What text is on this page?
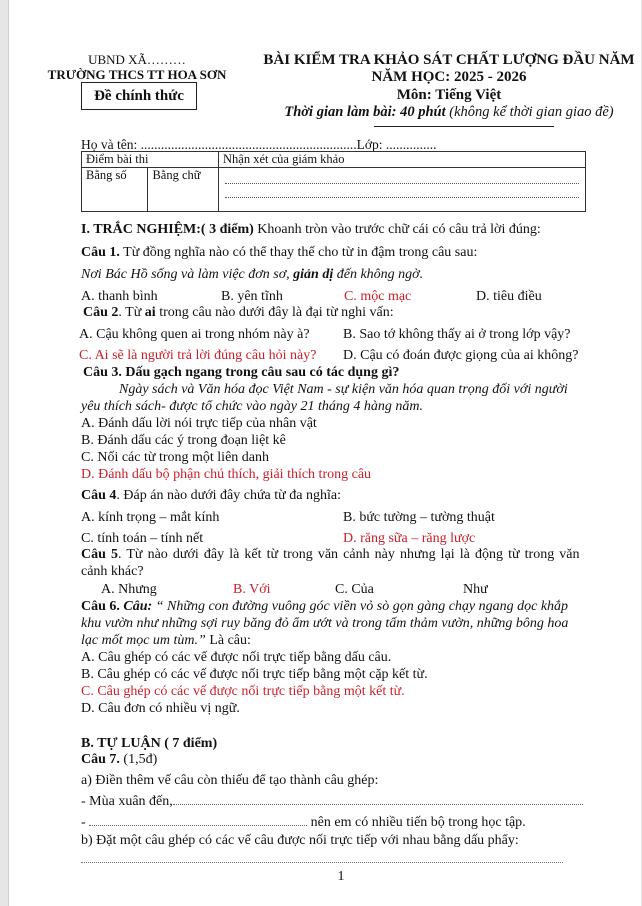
UBND XÃ………
TRƯỜNG THCS TT HOA SƠN
Đề chính thức
BÀI KIỂM TRA KHẢO SÁT CHẤT LƯỢNG ĐẦU NĂM
NĂM HỌC: 2025 - 2026
Môn: Tiếng Việt
Thời gian làm bài: 40 phút (không kể thời gian giao đề)
Họ và tên: ................................................................Lớp: ...............
Điểm bài thi		Nhận xét của giám khảo
Bằng số	Bằng chữ	
I. TRẮC NGHIỆM:( 3 điểm) Khoanh tròn vào trước chữ cái có câu trả lời đúng:
Câu 1. Từ đồng nghĩa nào có thể thay thế cho từ in đậm trong câu sau:
Nơi Bác Hồ sống và làm việc đơn sơ, giản dị đến không ngờ.
A. thanh bình	B. yên tĩnh	C. mộc mạc	D. tiêu điều
Câu 2. Từ ai trong câu nào dưới đây là đại từ nghi vấn:
A. Cậu không quen ai trong nhóm này à? B. Sao tớ không thấy ai ở trong lớp vậy?
C. Ai sẽ là người trả lời đúng câu hỏi này? D. Cậu có đoán được giọng của ai không?
Câu 3. Dấu gạch ngang trong câu sau có tác dụng gì?
Ngày sách và Văn hóa đọc Việt Nam - sự kiện văn hóa quan trọng đối với người
yêu thích sách- được tổ chức vào ngày 21 tháng 4 hàng năm.
A. Đánh dấu lời nói trực tiếp của nhân vật
B. Đánh dấu các ý trong đoạn liệt kê
C. Nối các từ trong một liên danh
D. Đánh dấu bộ phận chú thích, giải thích trong câu
Câu 4. Đáp án nào dưới đây chứa từ đa nghĩa:
A. kính trọng – mắt kính	B. bức tường – tường thuật
C. tính toán – tính nết	D. răng sữa – răng lược
Câu 5. Từ nào dưới đây là kết từ trong văn cảnh này nhưng lại là động từ trong văn
cảnh khác?
A. Nhưng	B. Với	C. Của	Như
Câu 6. Câu: “ Những con đường vuông góc viền vỏ sò gọn gàng chạy ngang dọc khắp
khu vườn như những sợi ruy băng đỏ ẩm ướt và trong tấm thảm vườn, những bông hoa
lạc mốt mọc um tùm.” Là câu:
A. Câu ghép có các vế được nối trực tiếp bằng dấu câu.
B. Câu ghép có các vế được nối trực tiếp bằng một cặp kết từ.
C. Câu ghép có các vế được nối trực tiếp bằng một kết từ.
D. Câu đơn có nhiều vị ngữ.
B. TỰ LUẬN ( 7 điểm)
Câu 7. (1,5đ)
a) Điền thêm vế câu còn thiếu để tạo thành câu ghép:
- Mùa xuân đến,
-	nên em có nhiều tiến bộ trong học tập.
b) Đặt một câu ghép có các vế câu được nối trực tiếp với nhau bằng dấu phẩy:
1
